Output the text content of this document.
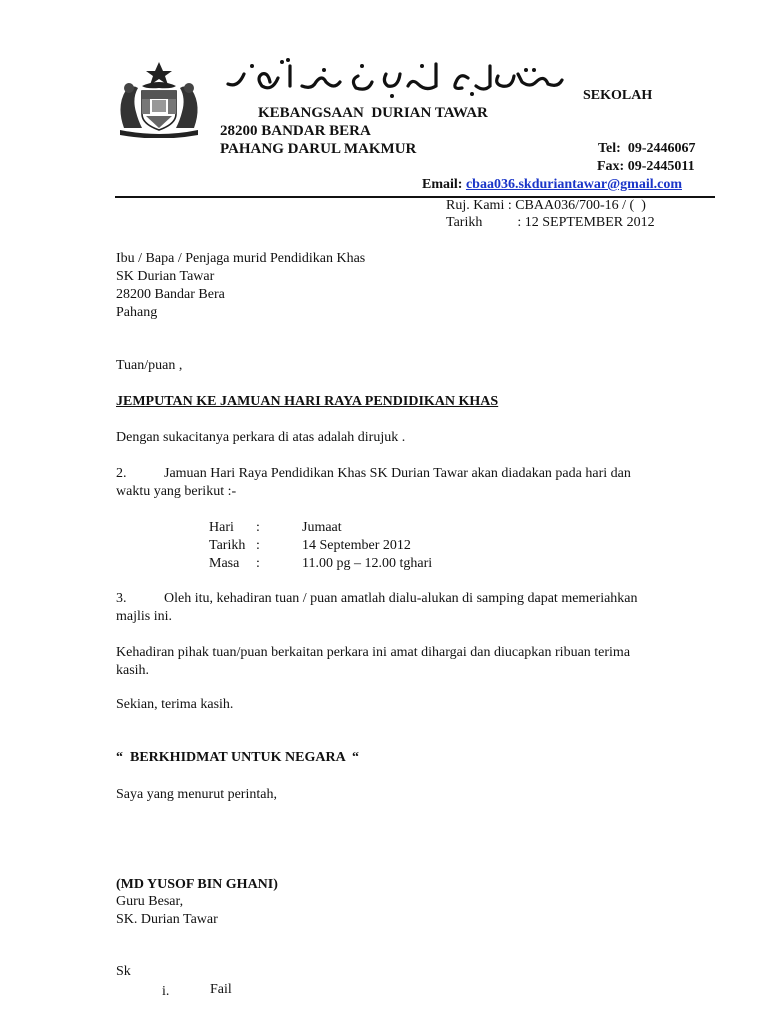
SEKOLAH
KEBANGSAAN  DURIAN TAWAR
28200 BANDAR BERA
PAHANG DARUL MAKMUR	Tel:  09-2446067
Fax: 09-2445011
Email: cbaa036.skduriantawar@gmail.com
Ruj. Kami : CBAA036/700-16 / (  )
Tarikh	: 12 SEPTEMBER 2012
Ibu / Bapa / Penjaga murid Pendidikan Khas
SK Durian Tawar
28200 Bandar Bera
Pahang
Tuan/puan ,
JEMPUTAN KE JAMUAN HARI RAYA PENDIDIKAN KHAS
Dengan sukacitanya perkara di atas adalah dirujuk .
2.	Jamuan Hari Raya Pendidikan Khas SK Durian Tawar akan diadakan pada hari dan
waktu yang berikut :-
Hari :	Jumaat
Tarikh :	14 September 2012
Masa :	11.00 pg – 12.00 tghari
3.	Oleh itu, kehadiran tuan / puan amatlah dialu-alukan di samping dapat memeriahkan
majlis ini.
Kehadiran pihak tuan/puan berkaitan perkara ini amat dihargai dan diucapkan ribuan terima
kasih.
Sekian, terima kasih.
“  BERKHIDMAT UNTUK NEGARA  “
Saya yang menurut perintah,
(MD YUSOF BIN GHANI)
Guru Besar,
SK. Durian Tawar
Sk
i.	Fail
